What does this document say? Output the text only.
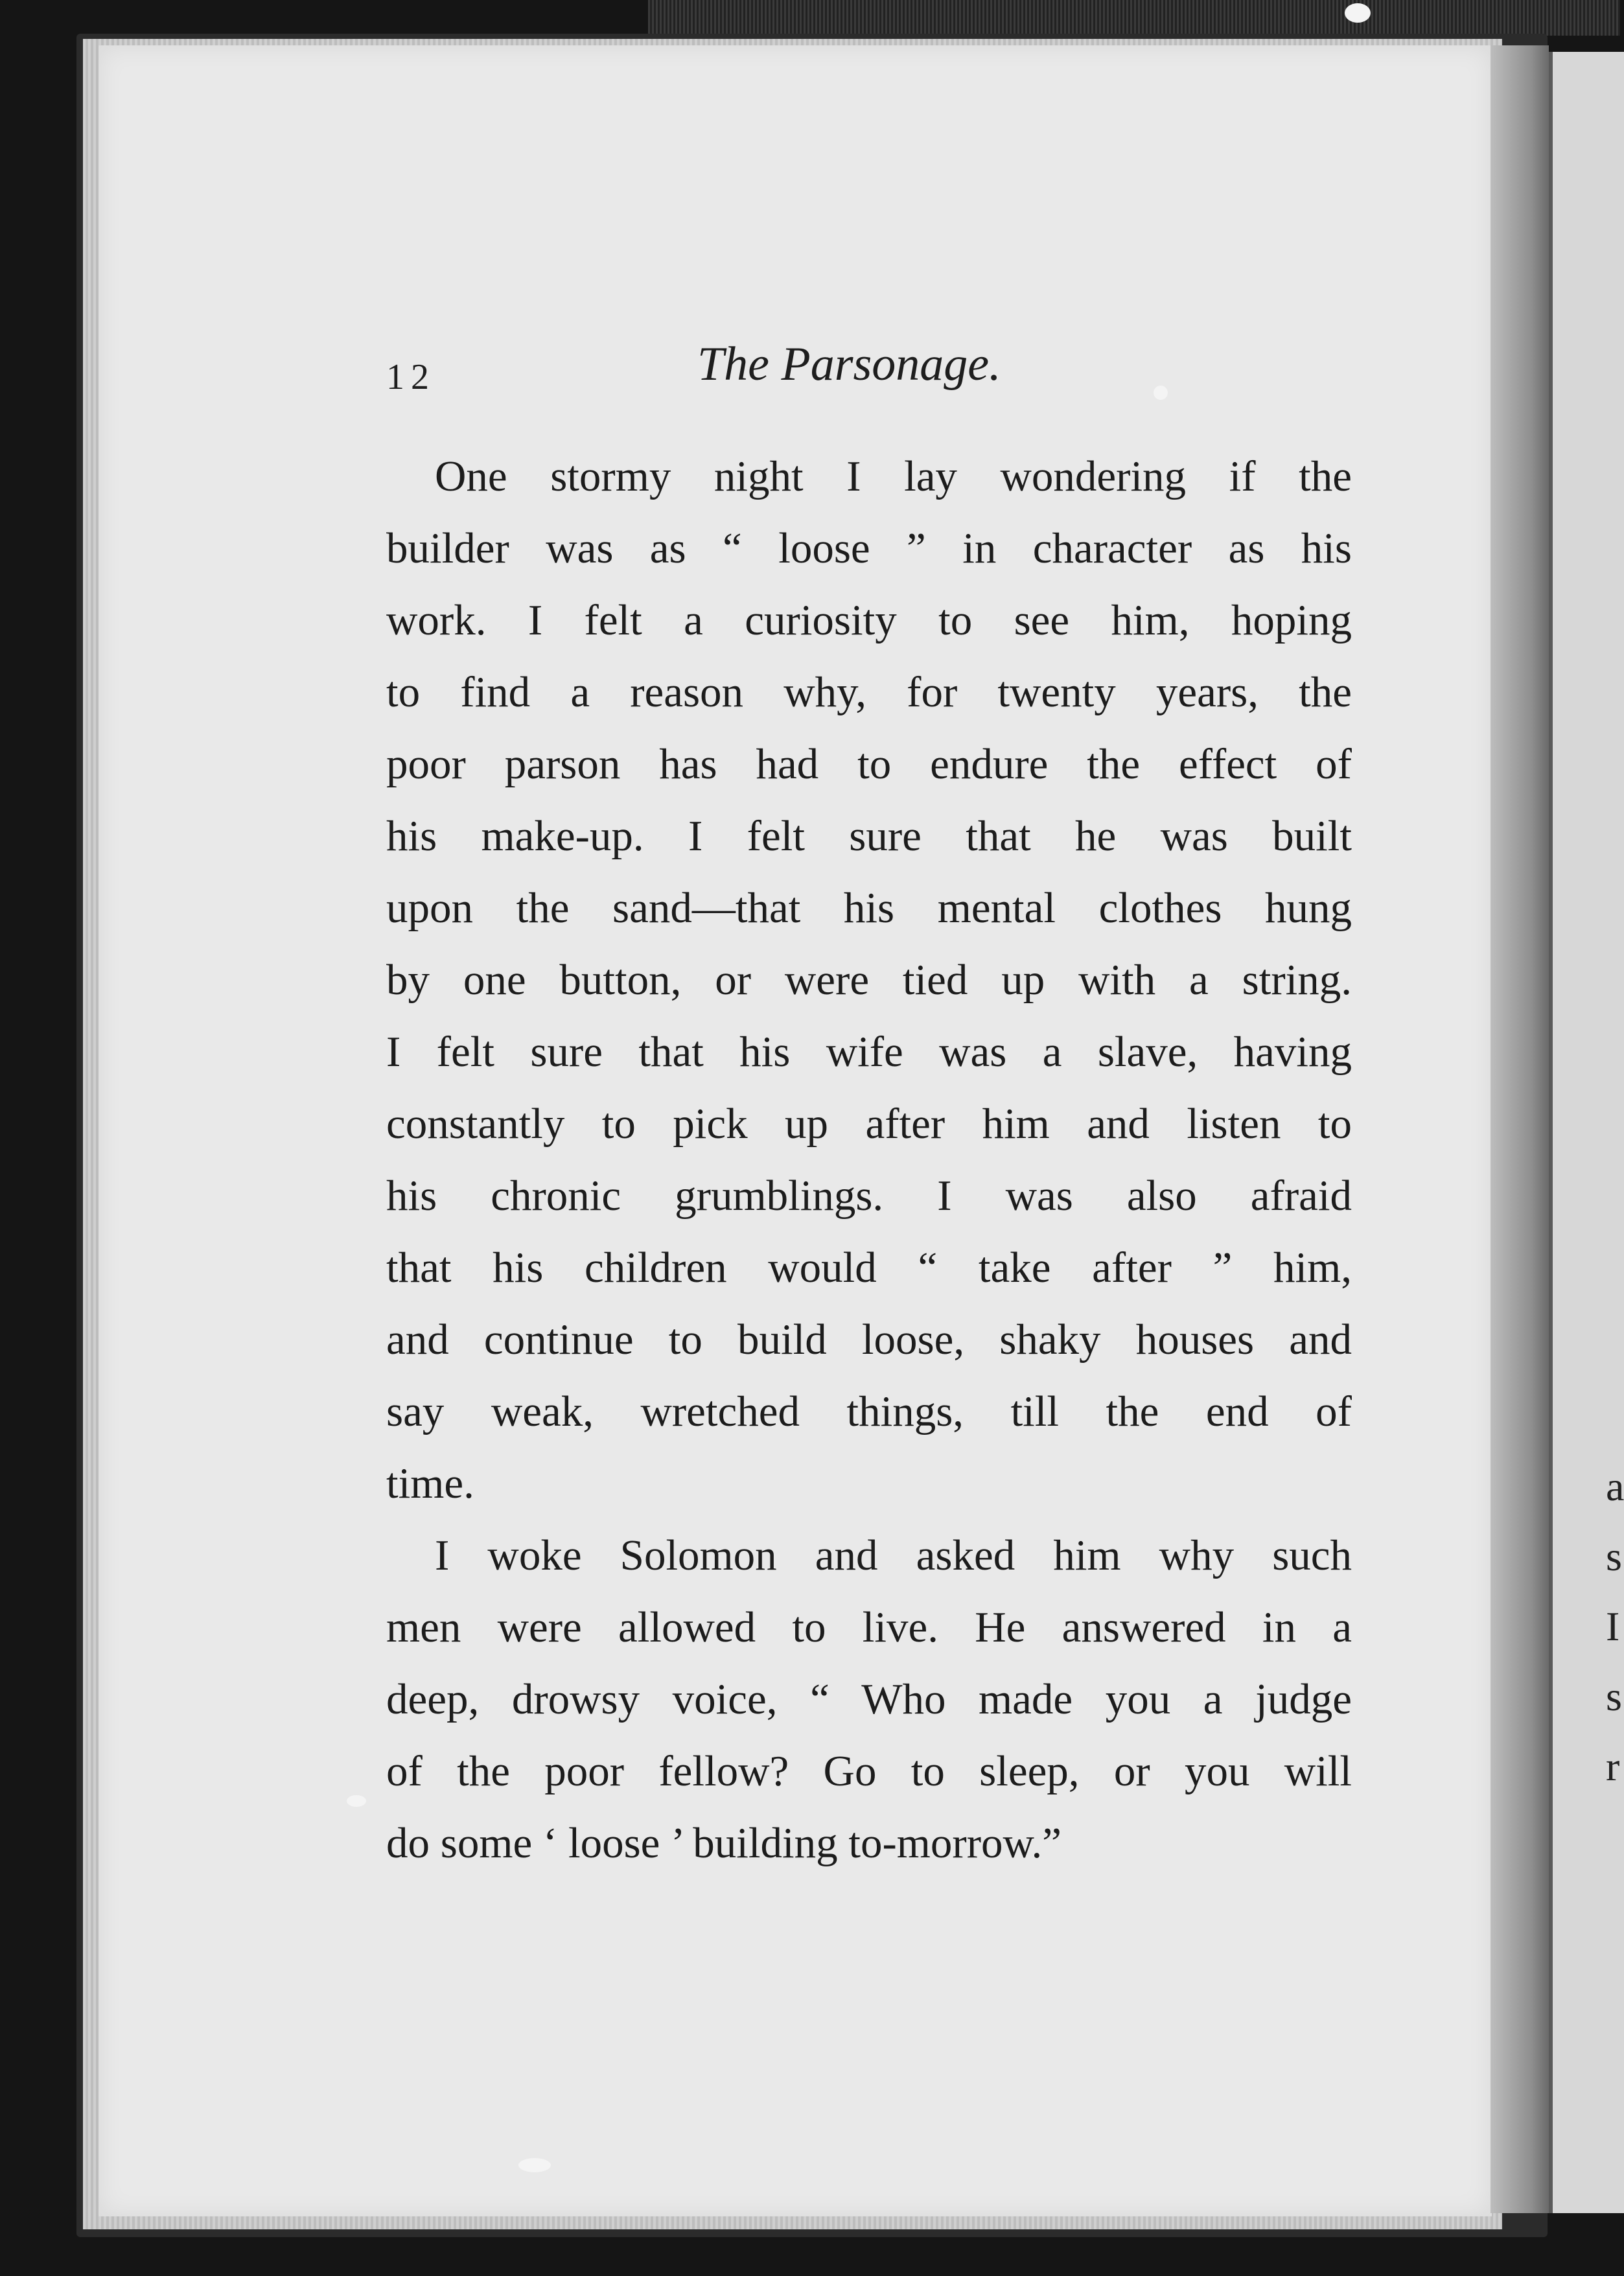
a
s
I
s
r
12	The Parsonage.
One stormy night I lay wondering if the
builder was as “ loose ” in character as his
work. I felt a curiosity to see him, hoping
to find a reason why, for twenty years, the
poor parson has had to endure the effect of
his make-up. I felt sure that he was built
upon the sand—that his mental clothes hung
by one button, or were tied up with a string.
I felt sure that his wife was a slave, having
constantly to pick up after him and listen to
his chronic grumblings. I was also afraid
that his children would “ take after ” him,
and continue to build loose, shaky houses and
say weak, wretched things, till the end of
time.
I woke Solomon and asked him why such
men were allowed to live. He answered in a
deep, drowsy voice, “ Who made you a judge
of the poor fellow? Go to sleep, or you will
do some ‘ loose ’ building to-morrow.”
